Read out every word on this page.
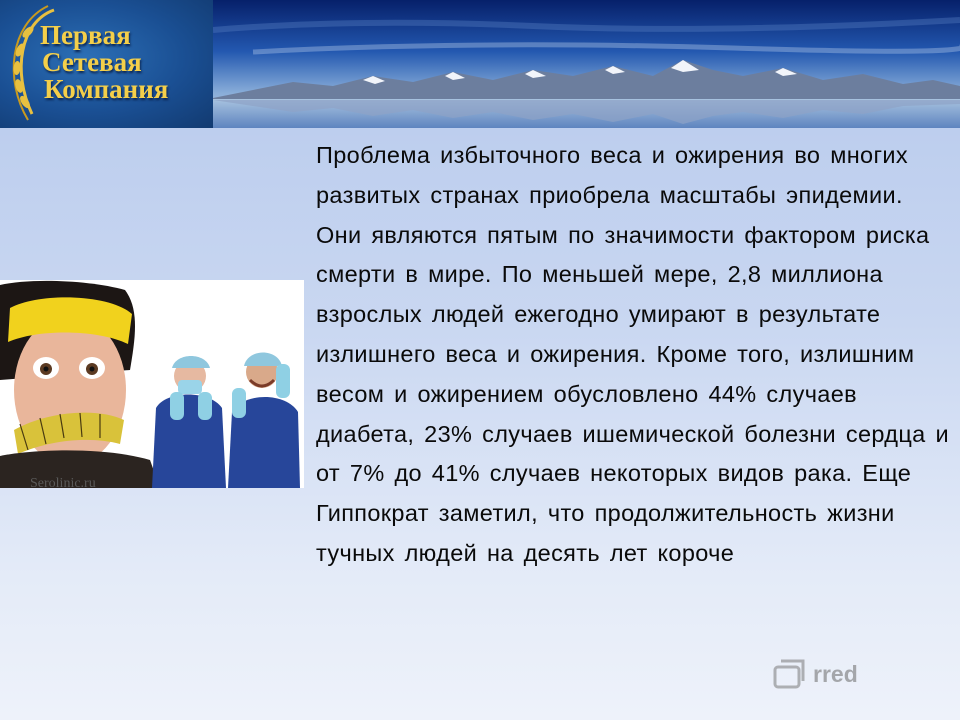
Первая
Сетевая
Компания

Проблема избыточного веса и ожирения во многих развитых странах приобрела масштабы эпидемии. Они являются пятым по значимости фактором риска смерти в мире. По меньшей мере, 2,8 миллиона взрослых людей ежегодно умирают в результате излишнего веса и ожирения. Кроме того, излишним весом и ожирением обусловлено 44% случаев диабета, 23% случаев ишемической болезни сердца и от 7% до 41% случаев некоторых видов рака. Еще Гиппократ заметил, что продолжительность жизни тучных людей на десять лет короче

Serolinic.ru
rred
